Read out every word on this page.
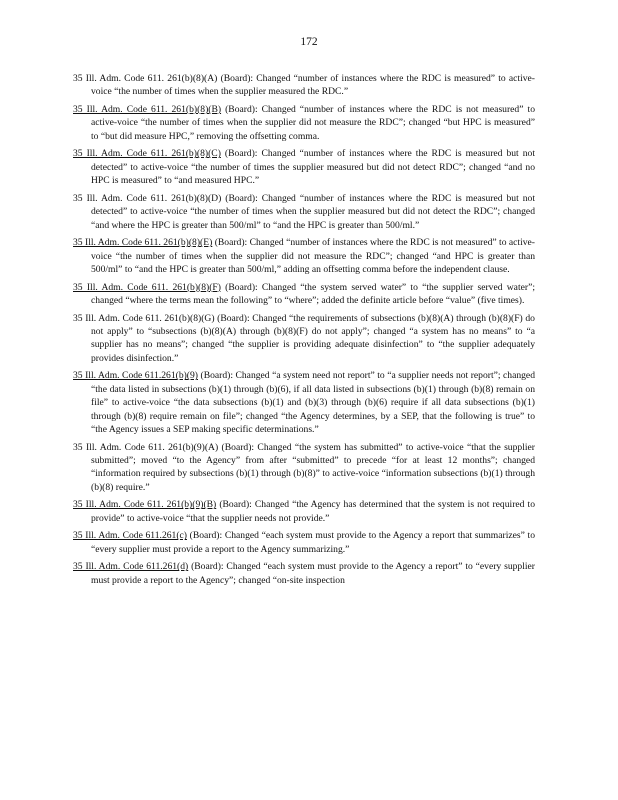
172

35 Ill. Adm. Code 611. 261(b)(8)(A) (Board): Changed “number of instances where the RDC is measured” to active-voice “the number of times when the supplier measured the RDC.”

35 Ill. Adm. Code 611. 261(b)(8)(B) (Board): Changed “number of instances where the RDC is not measured” to active-voice “the number of times when the supplier did not measure the RDC”; changed “but HPC is measured” to “but did measure HPC,” removing the offsetting comma.

35 Ill. Adm. Code 611. 261(b)(8)(C) (Board): Changed “number of instances where the RDC is measured but not detected” to active-voice “the number of times the supplier measured but did not detect RDC”; changed “and no HPC is measured” to “and measured HPC.”

35 Ill. Adm. Code 611. 261(b)(8)(D) (Board): Changed “number of instances where the RDC is measured but not detected” to active-voice “the number of times when the supplier measured but did not detect the RDC”; changed “and where the HPC is greater than 500/ml” to “and the HPC is greater than 500/ml.”

35 Ill. Adm. Code 611. 261(b)(8)(E) (Board): Changed “number of instances where the RDC is not measured” to active-voice “the number of times when the supplier did not measure the RDC”; changed “and HPC is greater than 500/ml” to “and the HPC is greater than 500/ml,” adding an offsetting comma before the independent clause.

35 Ill. Adm. Code 611. 261(b)(8)(F) (Board): Changed “the system served water” to “the supplier served water”; changed “where the terms mean the following” to “where”; added the definite article before “value” (five times).

35 Ill. Adm. Code 611. 261(b)(8)(G) (Board): Changed “the requirements of subsections (b)(8)(A) through (b)(8)(F) do not apply” to “subsections (b)(8)(A) through (b)(8)(F) do not apply”; changed “a system has no means” to “a supplier has no means”; changed “the supplier is providing adequate disinfection” to “the supplier adequately provides disinfection.”

35 Ill. Adm. Code 611.261(b)(9) (Board): Changed “a system need not report” to “a supplier needs not report”; changed “the data listed in subsections (b)(1) through (b)(6), if all data listed in subsections (b)(1) through (b)(8) remain on file” to active-voice “the data subsections (b)(1) and (b)(3) through (b)(6) require if all data subsections (b)(1) through (b)(8) require remain on file”; changed “the Agency determines, by a SEP, that the following is true” to “the Agency issues a SEP making specific determinations.”

35 Ill. Adm. Code 611. 261(b)(9)(A) (Board): Changed “the system has submitted” to active-voice “that the supplier submitted”; moved “to the Agency” from after “submitted” to precede “for at least 12 months”; changed “information required by subsections (b)(1) through (b)(8)” to active-voice “information subsections (b)(1) through (b)(8) require.”

35 Ill. Adm. Code 611. 261(b)(9)(B) (Board): Changed “the Agency has determined that the system is not required to provide” to active-voice “that the supplier needs not provide.”

35 Ill. Adm. Code 611.261(c) (Board): Changed “each system must provide to the Agency a report that summarizes” to “every supplier must provide a report to the Agency summarizing.”

35 Ill. Adm. Code 611.261(d) (Board): Changed “each system must provide to the Agency a report” to “every supplier must provide a report to the Agency”; changed “on-site inspection
